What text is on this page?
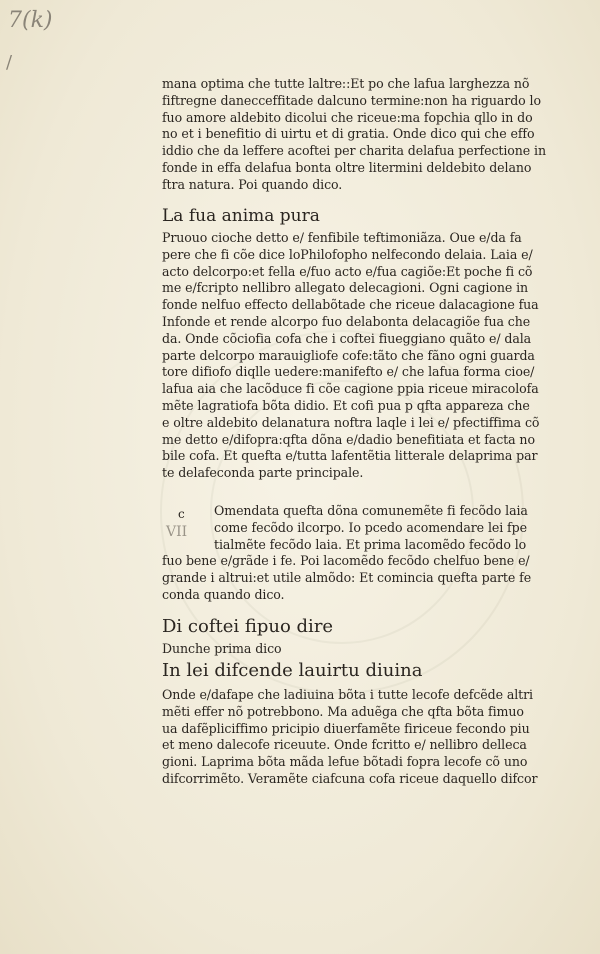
7(k)
/
mana optima che tutte laltre::Et po che lafua larghezza nõ
fiftregne danecceffitade dalcuno termine:non ha riguardo lo
fuo amore aldebito dicolui che riceue:ma fopchia qllo in do
no et i benefitio di uirtu et di gratia. Onde dico qui che effo
iddio che da leffere acoftei per charita delafua perfectione in
fonde in effa delafua bonta oltre litermini deldebito delano
ftra natura. Poi quando dico.
La fua anima pura
Pruouo cioche detto e/ fenfibile teftimoniãza. Oue e/da fa
pere che fi cõe dice loPhilofopho nelfecondo delaia. Laia e/
acto delcorpo:et fella e/fuo acto e/fua cagiõe:Et poche fi cõ
me e/fcripto nellibro allegato delecagioni. Ogni cagione in
fonde nelfuo effecto dellabõtade che riceue dalacagione fua
Infonde et rende alcorpo fuo delabonta delacagiõe fua che
da. Onde cõciofia cofa che i coftei fiueggiano quãto e/ dala
parte delcorpo marauigliofe cofe:tãto che fãno ogni guarda
tore difiofo diqlle uedere:manifefto e/ che lafua forma cioe/
lafua aia che lacõduce fi cõe cagione ppia riceue miracolofa
mẽte lagratiofa bõta didio. Et cofi pua p qfta appareza che
e oltre aldebito delanatura noftra laqle i lei e/ pfectiffima cõ
me detto e/difopra:qfta dõna e/dadio benefitiata et facta no
bile cofa. Et quefta e/tutta lafentẽtia litterale delaprima par
te delafeconda parte principale.
c
VII
Omendata quefta dõna comunemẽte fi fecõdo laia
come fecõdo ilcorpo. Io pcedo acomendare lei fpe
tialmẽte fecõdo laia. Et prima lacomẽdo fecõdo lo
fuo bene e/grãde i fe. Poi lacomẽdo fecõdo chelfuo bene e/
grande i altrui:et utile almõdo: Et comincia quefta parte fe
conda quando dico.
Di coftei fipuo dire
Dunche prima dico
In lei difcende lauirtu diuina
Onde e/dafape che ladiuina bõta i tutte lecofe defcẽde altri
mẽti effer nõ potrebbono. Ma aduẽga che qfta bõta fimuo
ua dafẽpliciffimo pricipio diuerfamẽte firiceue fecondo piu
et meno dalecofe riceuute. Onde fcritto e/ nellibro delleca
gioni. Laprima bõta mãda lefue bõtadi fopra lecofe cõ uno
difcorrimẽto. Veramẽte ciafcuna cofa riceue daquello difcor
